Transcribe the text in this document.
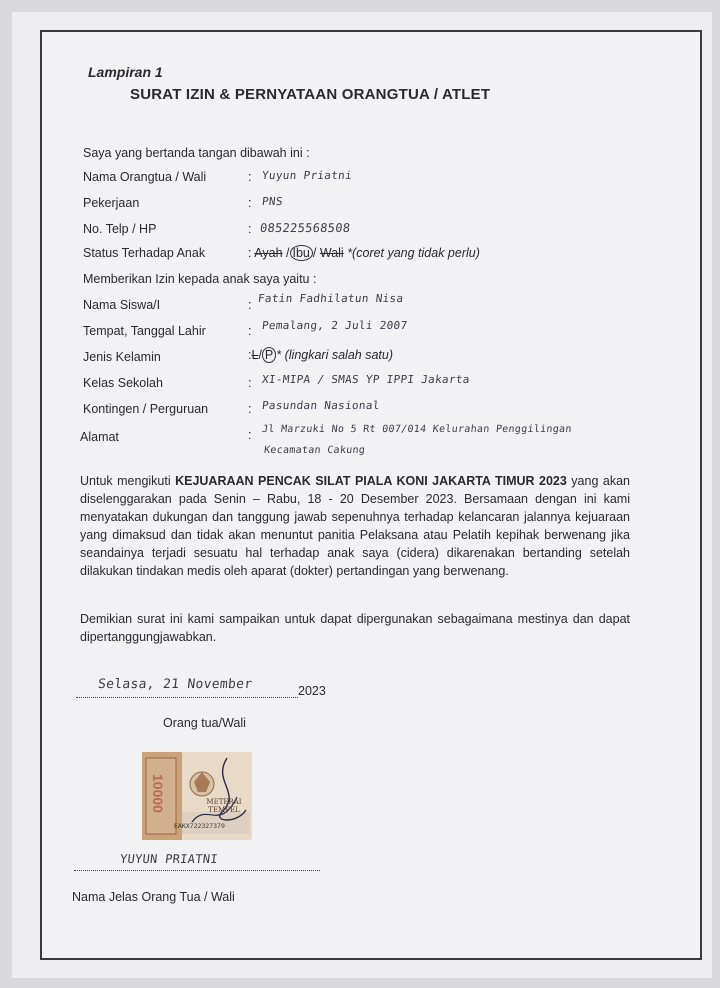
Lampiran 1
SURAT IZIN & PERNYATAAN ORANGTUA / ATLET
Saya yang bertanda tangan dibawah ini :
Nama Orangtua / Wali	: Yuyun Priatni
Pekerjaan	: PNS
No. Telp / HP	: 085225568508
Status Terhadap Anak	: Ayah / Ibu / Wali *(coret yang tidak perlu)
Memberikan Izin kepada anak saya yaitu :
Nama Siswa/I	: Fatin Fadhilatun Nisa
Tempat, Tanggal Lahir	: Pemalang, 2 Juli 2007
Jenis Kelamin	:L/ P * (lingkari salah satu)
Kelas Sekolah	: XI-MIPA / SMAS YP IPPI Jakarta
Kontingen / Perguruan	: Pasundan Nasional
Alamat	: Jl Marzuki No 5 Rt 007/014 Kelurahan Penggilingan
Kecamatan Cakung
Untuk mengikuti KEJUARAAN PENCAK SILAT PIALA KONI JAKARTA TIMUR 2023 yang akan diselenggarakan pada Senin – Rabu, 18 - 20 Desember 2023. Bersamaan dengan ini kami menyatakan dukungan dan tanggung jawab sepenuhnya terhadap kelancaran jalannya kejuaraan yang dimaksud dan tidak akan menuntut panitia Pelaksana atau Pelatih kepihak berwenang jika seandainya terjadi sesuatu hal terhadap anak saya (cidera) dikarenakan bertanding setelah dilakukan tindakan medis oleh aparat (dokter) pertandingan yang berwenang.
Demikian surat ini kami sampaikan untuk dapat dipergunakan sebagaimana mestinya dan dapat dipertanggungjawabkan.
Selasa, 21 November	2023
Orang tua/Wali
10000	METERAI TEMPEL
EAKX722327379
YUYUN PRIATNI
Nama Jelas Orang Tua / Wali
